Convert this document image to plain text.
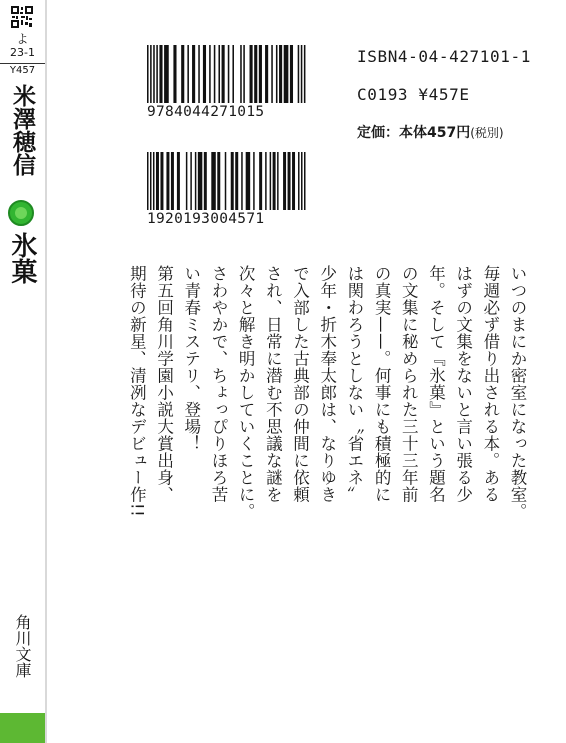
よ
23-1
Y457
米澤穂信
氷菓
角川文庫
9784044271015
1920193004571
ISBN4-04-427101-1
C0193 ¥457E
定価：本体457円(税別)

いつのまにか密室になった教室。

毎週必ず借り出される本。ある

はずの文集をないと言い張る少

年。そして『氷菓』という題名

の文集に秘められた三十三年前

の真実——。何事にも積極的に

は関わろうとしない〝省エネ〟

少年・折木奉太郎は、なりゆき

で入部した古典部の仲間に依頼

され、日常に潜む不思議な謎を

次々と解き明かしていくことに。

さわやかで、ちょっぴりほろ苦

い青春ミステリ、登場！

第五回角川学園小説大賞出身、

期待の新星、清冽なデビュー作!!
